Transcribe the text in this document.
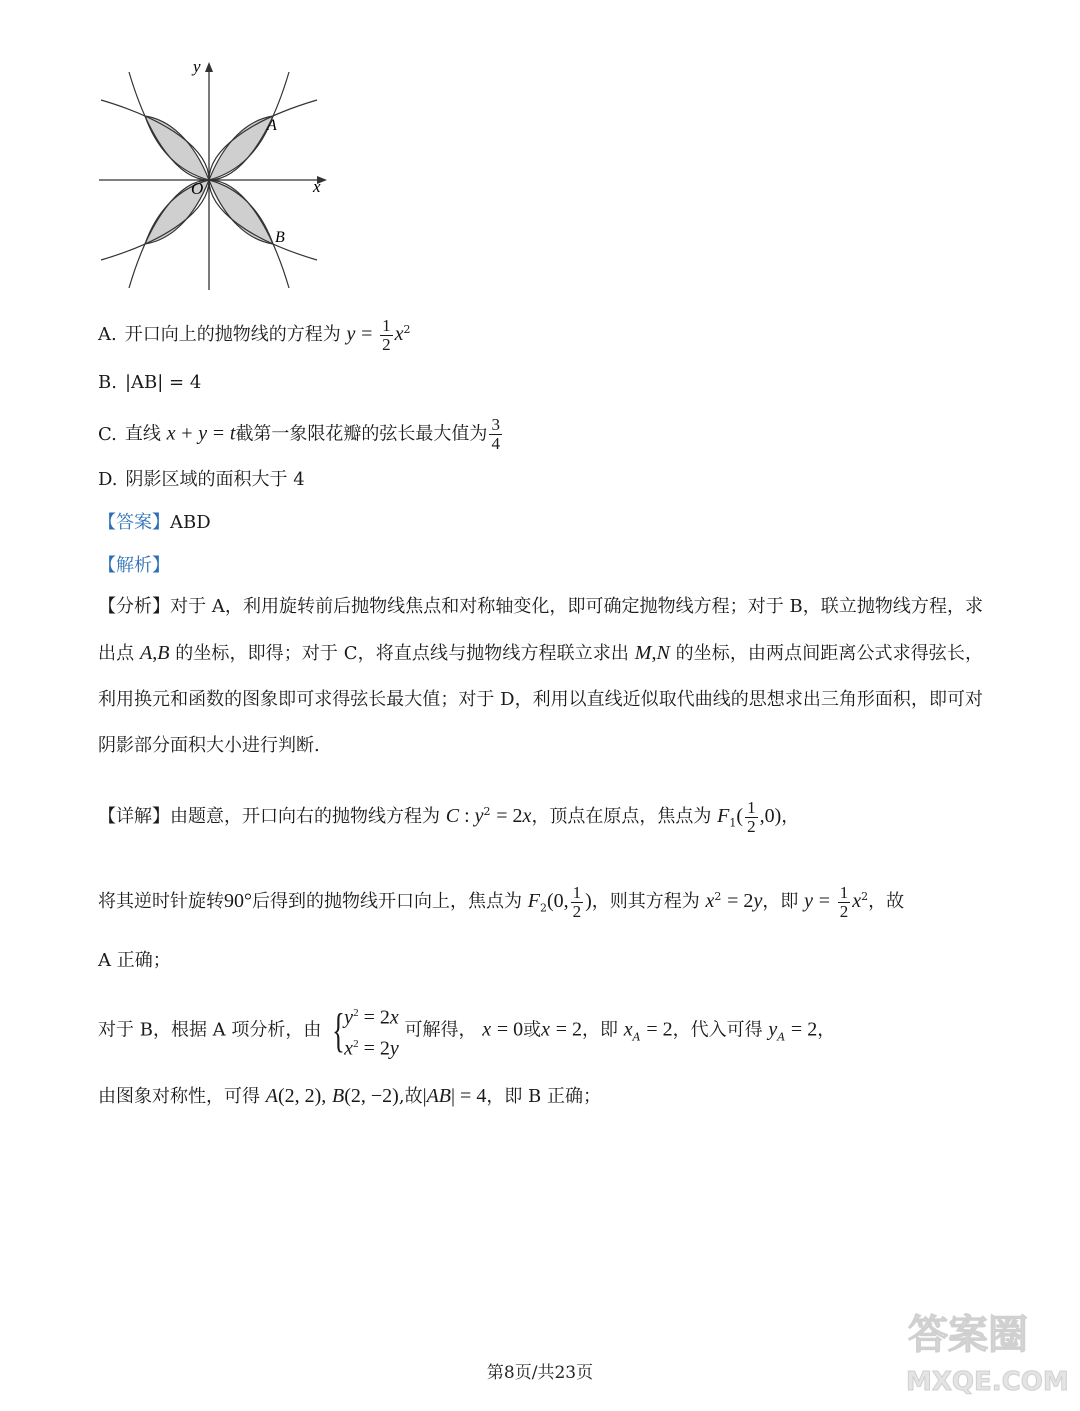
y
x
O
A
B
A. 开口向上的抛物线的方程为 $y = \frac{1}{2} x^2$
B. |AB| = 4
C. 直线 x + y = t截第一象限花瓣的弦长最大值为 $\frac{3}{4}$
D. 阴影区域的面积大于 4
【答案】ABD
【解析】
【分析】对于 A，利用旋转前后抛物线焦点和对称轴变化，即可确定抛物线方程；对于 B，联立抛物线方程，求出点 A,B 的坐标，即得；对于 C，将直点线与抛物线方程联立求出 M,N 的坐标，由两点间距离公式求得弦长，利用换元和函数的图象即可求得弦长最大值；对于 D，利用以直线近似取代曲线的思想求出三角形面积，即可对阴影部分面积大小进行判断.
【详解】由题意，开口向右的抛物线方程为 C : $y^2 = 2x$，顶点在原点，焦点为 $F_1( \frac{1}{2} ,0)$，
将其逆时针旋转90°后得到的抛物线开口向上，焦点为 $F_2(0$, $\frac{1}{2}$ )，则其方程为 $x^2 = 2y$，即 $y = \frac{1}{2} x^2$，故
A 正确；
对于 B，根据 A 项分析，由 {$y^2 = 2x$
$x^2 = 2y$ 可解得， x = 0或x = 2，即 $x_A = 2$，代入可得 $y_A = 2$，
由图象对称性，可得 A(2, 2), B(2, −2),故|AB| = 4，即 B 正确；
第8页/共23页
答案圈
MXQE.COM
